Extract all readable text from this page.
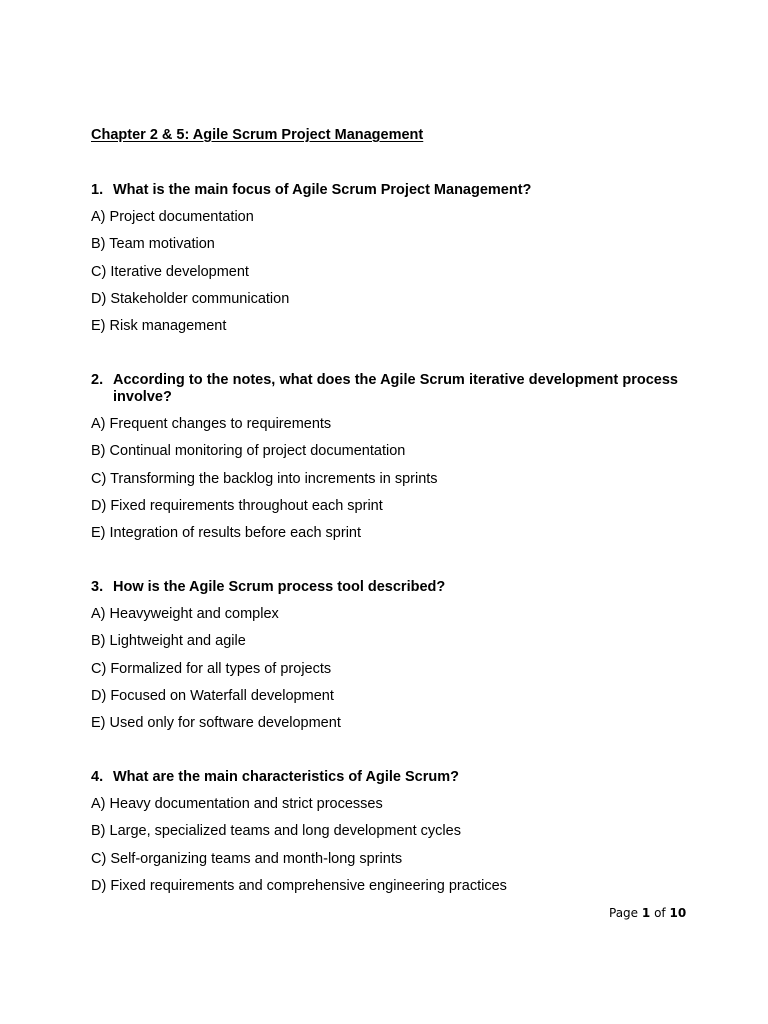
Chapter 2 & 5: Agile Scrum Project Management
1. What is the main focus of Agile Scrum Project Management?
A) Project documentation
B) Team motivation
C) Iterative development
D) Stakeholder communication
E) Risk management
2. According to the notes, what does the Agile Scrum iterative development process involve?
A) Frequent changes to requirements
B) Continual monitoring of project documentation
C) Transforming the backlog into increments in sprints
D) Fixed requirements throughout each sprint
E) Integration of results before each sprint
3. How is the Agile Scrum process tool described?
A) Heavyweight and complex
B) Lightweight and agile
C) Formalized for all types of projects
D) Focused on Waterfall development
E) Used only for software development
4. What are the main characteristics of Agile Scrum?
A) Heavy documentation and strict processes
B) Large, specialized teams and long development cycles
C) Self-organizing teams and month-long sprints
D) Fixed requirements and comprehensive engineering practices
Page 1 of 10
